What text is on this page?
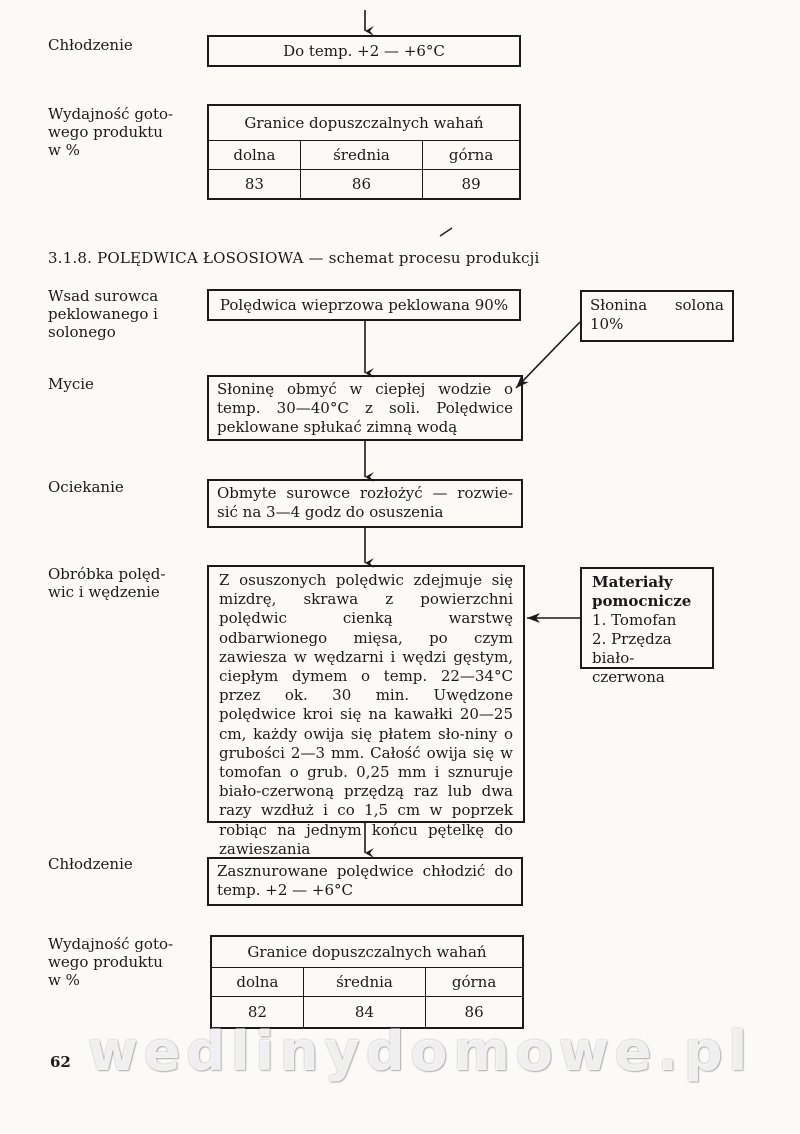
Chłodzenie	Do temp. +2 — +6°C
Wydajność goto-wego produktu w %
Granice dopuszczalnych wahań		
dolna	średnia	górna
83	86	89
3.1.8. POLĘDWICA ŁOSOSIOWA — schemat procesu produkcji
Wsad surowca peklowanego i solonego
Polędwica wieprzowa peklowana 90%	Słonina solona 10%
Mycie	Słoninę obmyć w ciepłej wodzie o temp. 30—40°C z soli. Polędwice peklowane spłukać zimną wodą
Ociekanie	Obmyte surowce rozłożyć — rozwie-sić na 3—4 godz do osuszenia
Obróbka polęd-wic i wędzenie
Z osuszonych polędwic zdejmuje się mizdrę, skrawa z powierzchni polędwic cienką warstwę odbarwionego mięsa, po czym zawiesza w wędzarni i wędzi gęstym, ciepłym dymem o temp. 22—34°C przez ok. 30 min. Uwędzone polędwice kroi się na kawałki 20—25 cm, każdy owija się płatem sło-niny o grubości 2—3 mm. Całość owija się w tomofan o grub. 0,25 mm i sznuruje biało-czerwoną przędzą raz lub dwa razy wzdłuż i co 1,5 cm w poprzek robiąc na jednym końcu pętelkę do zawieszania
Materiały pomocnicze
1. Tomofan
2. Przędza biało-czerwona
Chłodzenie	Zasznurowane polędwice chłodzić do temp. +2 — +6°C
Wydajność goto-wego produktu w %
Granice dopuszczalnych wahań		
dolna	średnia	górna
82	84	86
62 wedlinydomowe.pl
